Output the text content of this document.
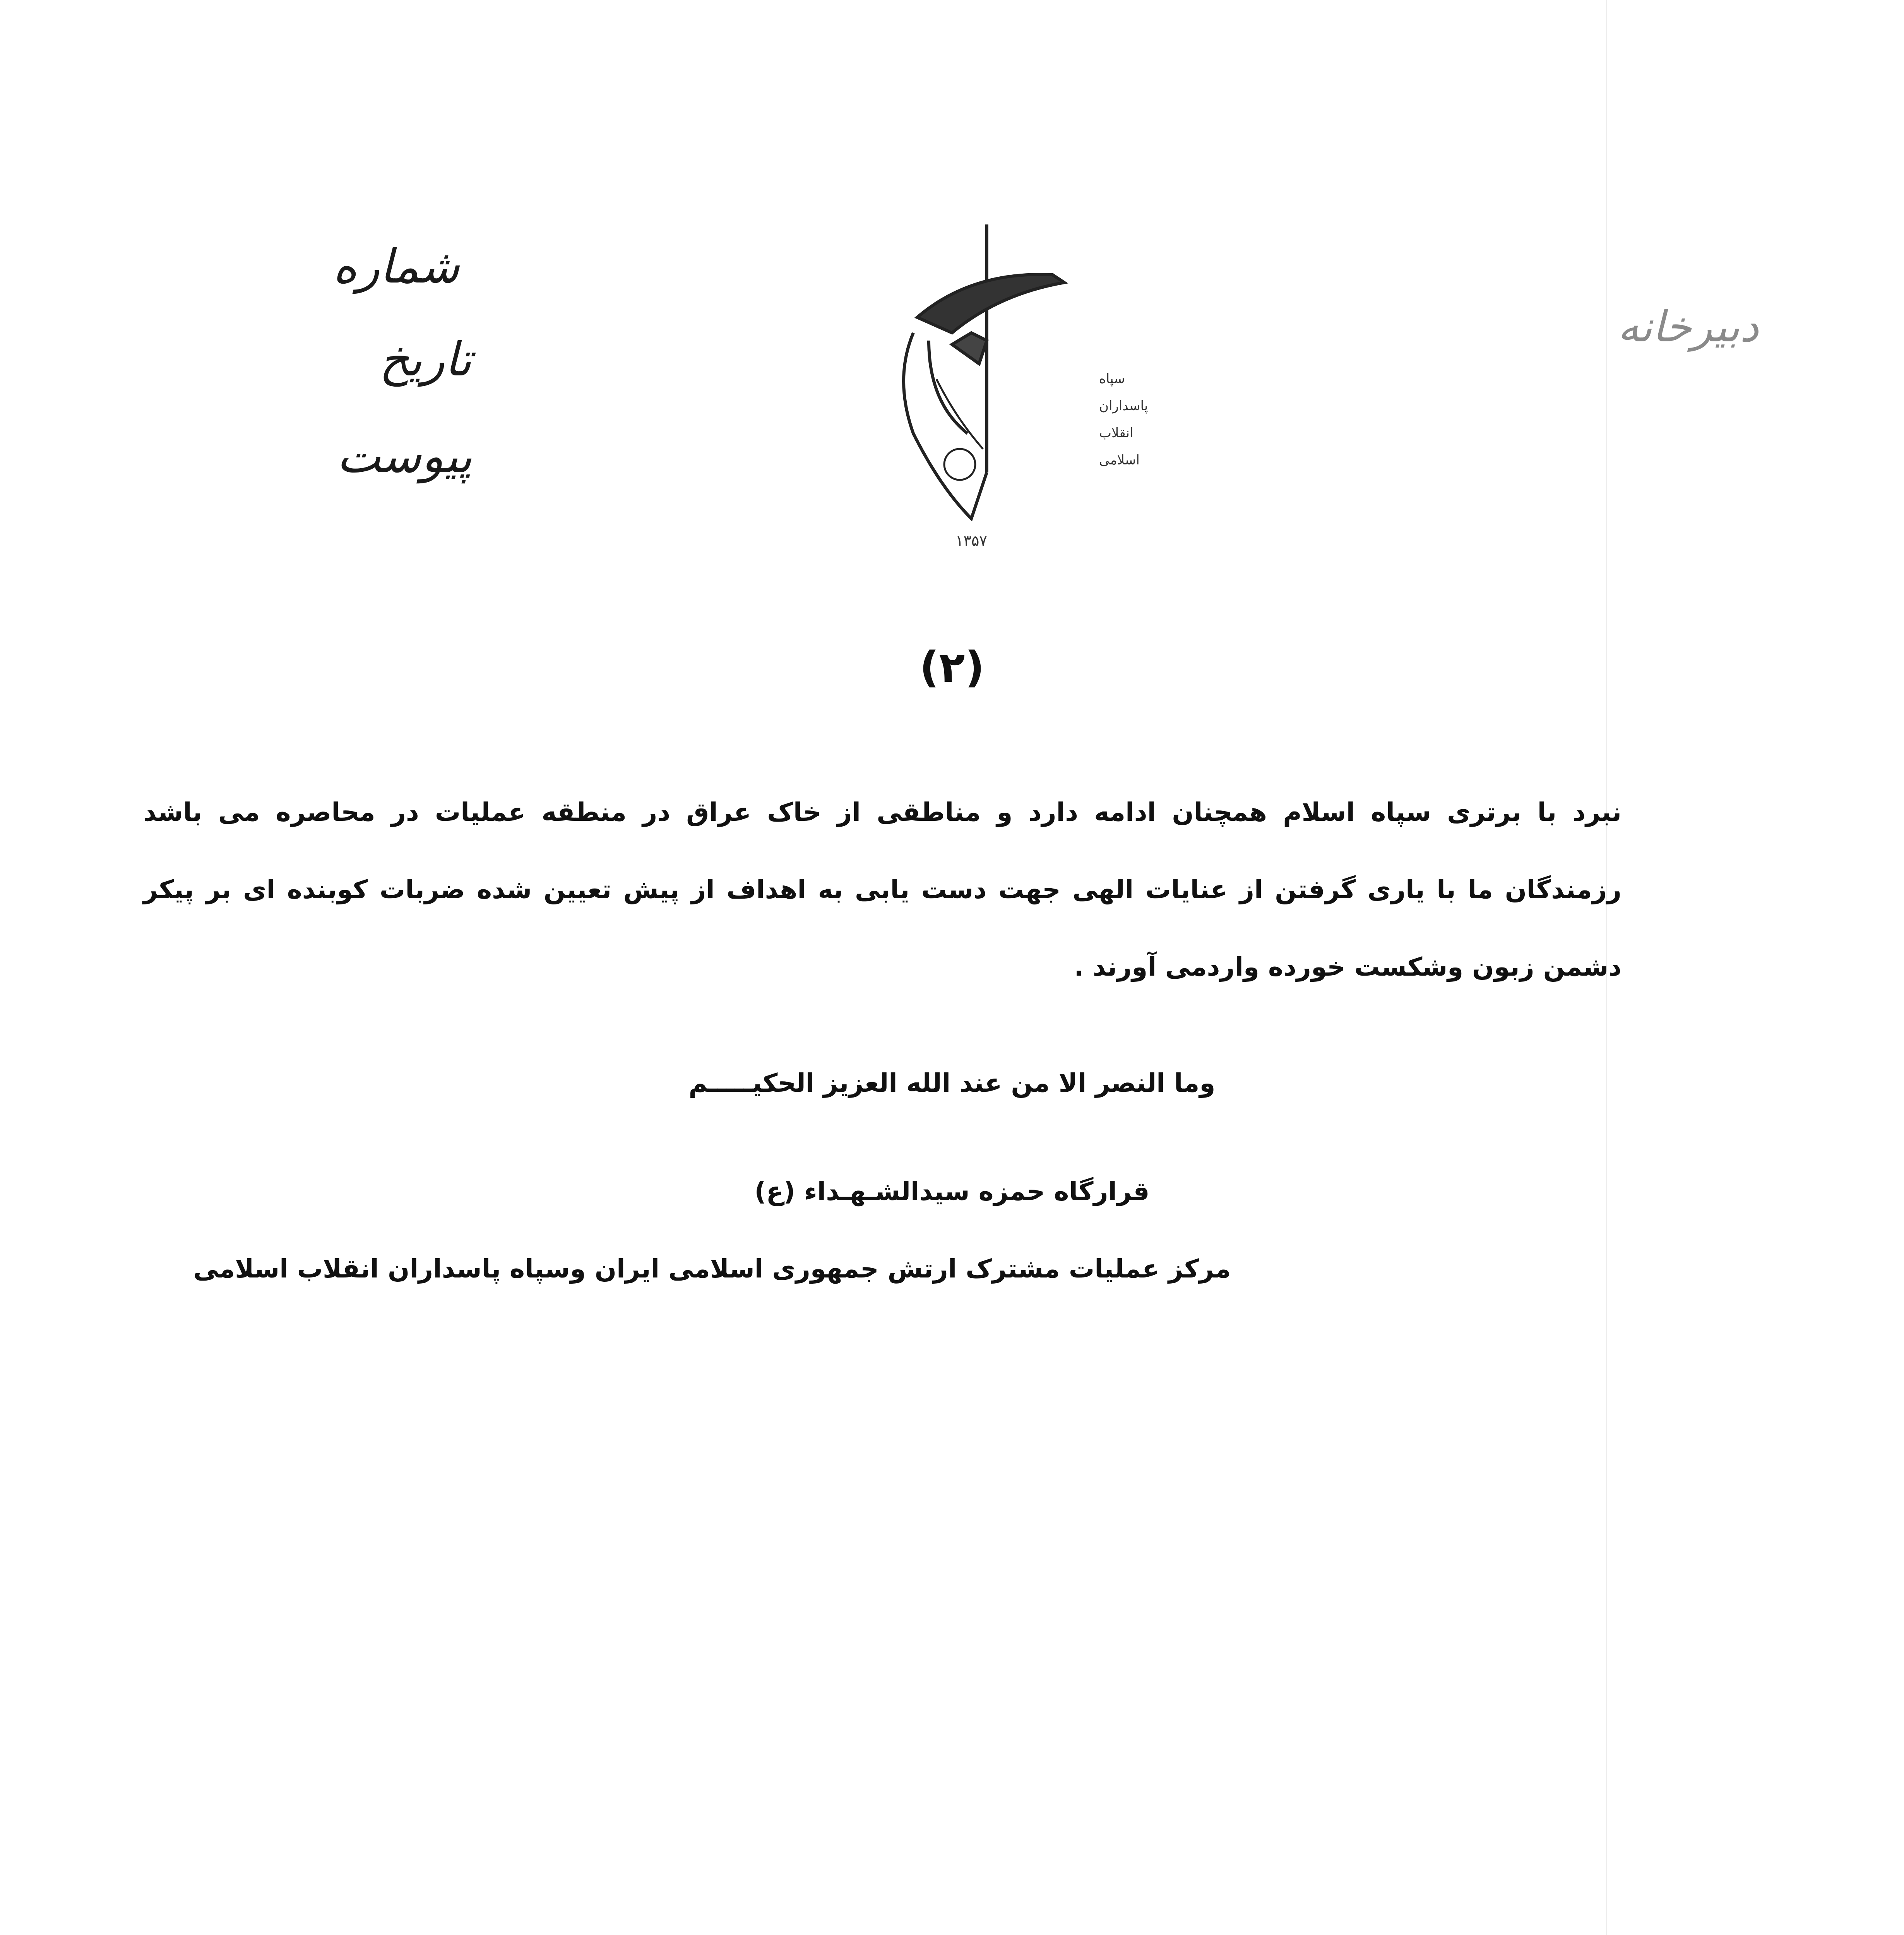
شماره
تاریخ
پیوست
دبیرخانه
سپاه
پاسداران
انقلاب
اسلامی
۱۳۵۷
(۲)
نبرد با برتری سپاه اسلام همچنان ادامه دارد و مناطقی از خاک عراق در منطقه عملیات در محاصره می باشد
رزمندگان ما با یاری گرفتن از عنایات الهی جهت دست یابی به اهداف از پیش تعیین شده ضربات کوبنده ای بر پیکر
دشمن زبون وشکست خورده واردمی آورند .
وما النصر الا من عند الله العزیز الحکیـــــم
قرارگاه حمزه سیدالشـهـداء (ع)
مرکز عملیات مشترک ارتش جمهوری اسلامی ایران وسپاه پاسداران انقلاب اسلامی
